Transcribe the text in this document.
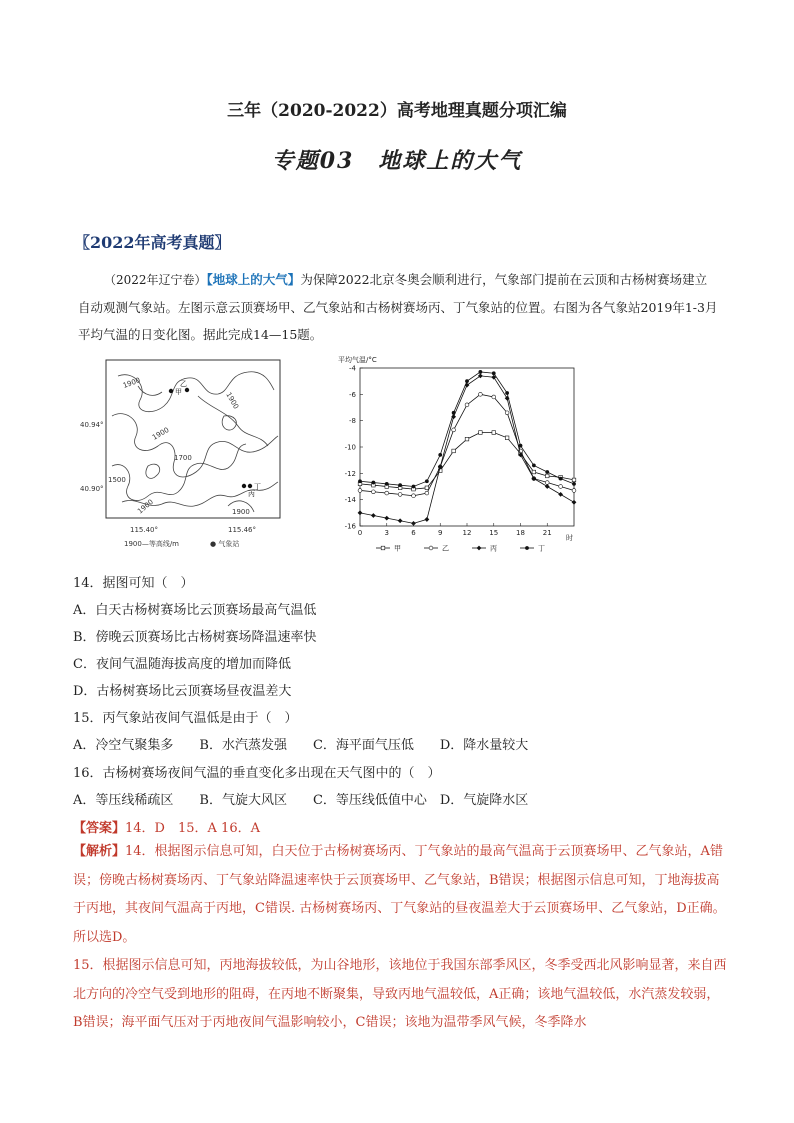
三年（2020-2022）高考地理真题分项汇编
专题03　地球上的大气
〖2022年高考真题〗
（2022年辽宁卷）【地球上的大气】为保障2022北京冬奥会顺利进行，气象部门提前在云顶和古杨树赛场建立自动观测气象站。左图示意云顶赛场甲、乙气象站和古杨树赛场丙、丁气象站的位置。右图为各气象站2019年1-3月平均气温的日变化图。据此完成14—15题。
1900
1900
1900
1700
1500
1900	1900
甲
乙
丙
丁
40.94°
40.90°
115.40°	115.46°
1900—等高线/m	● 气象站
平均气温/°C
-4
-6
-8
-10
-12
-14
-16
0	3	6	9	12	15	18	21
时
甲	乙	丙	丁
14．据图可知（　）
A．白天古杨树赛场比云顶赛场最高气温低
B．傍晚云顶赛场比古杨树赛场降温速率快
C．夜间气温随海拔高度的增加而降低
D．古杨树赛场比云顶赛场昼夜温差大
15．丙气象站夜间气温低是由于（　）
A．冷空气聚集多　　B．水汽蒸发强　　C．海平面气压低　　D．降水量较大
16．古杨树赛场夜间气温的垂直变化多出现在天气图中的（　）
A．等压线稀疏区　　B．气旋大风区　　C．等压线低值中心　D．气旋降水区
【答案】14．D　15．A 16．A
【解析】14．根据图示信息可知，白天位于古杨树赛场丙、丁气象站的最高气温高于云顶赛场甲、乙气象站，A错误；傍晚古杨树赛场丙、丁气象站降温速率快于云顶赛场甲、乙气象站，B错误；根据图示信息可知，丁地海拔高于丙地，其夜间气温高于丙地，C错误. 古杨树赛场丙、丁气象站的昼夜温差大于云顶赛场甲、乙气象站，D正确。所以选D。
15．根据图示信息可知，丙地海拔较低，为山谷地形，该地位于我国东部季风区，冬季受西北风影响显著，来自西北方向的冷空气受到地形的阻碍，在丙地不断聚集，导致丙地气温较低，A正确；该地气温较低，水汽蒸发较弱，B错误；海平面气压对于丙地夜间气温影响较小，C错误；该地为温带季风气候，冬季降水
